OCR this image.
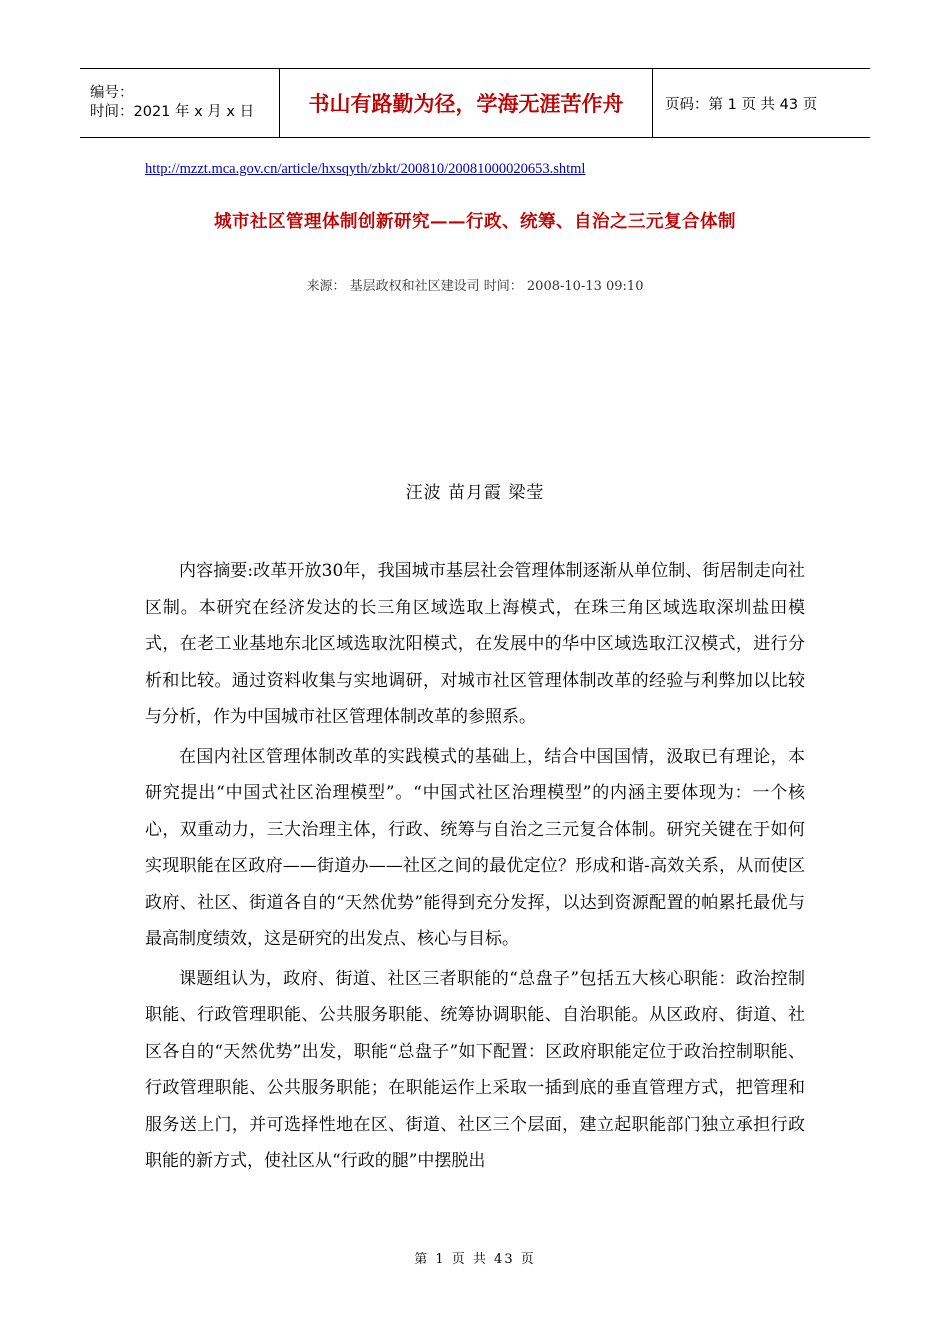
编号：
时间：2021 年 x 月 x 日	书山有路勤为径，学海无涯苦作舟	页码：第 1 页 共 43 页
http://mzzt.mca.gov.cn/article/hxsqyth/zbkt/200810/20081000020653.shtml
城市社区管理体制创新研究——行政、统筹、自治之三元复合体制
来源： 基层政权和社区建设司 时间： 2008-10-13 09:10
汪波 苗月霞 梁莹

内容摘要:改革开放30年，我国城市基层社会管理体制逐渐从单位制、街居制走向社区制。本研究在经济发达的长三角区域选取上海模式，在珠三角区域选取深圳盐田模式，在老工业基地东北区域选取沈阳模式，在发展中的华中区域选取江汉模式，进行分析和比较。通过资料收集与实地调研，对城市社区管理体制改革的经验与利弊加以比较与分析，作为中国城市社区管理体制改革的参照系。

在国内社区管理体制改革的实践模式的基础上，结合中国国情，汲取已有理论，本研究提出“中国式社区治理模型”。“中国式社区治理模型”的内涵主要体现为：一个核心，双重动力，三大治理主体，行政、统筹与自治之三元复合体制。研究关键在于如何实现职能在区政府——街道办——社区之间的最优定位？形成和谐-高效关系，从而使区政府、社区、街道各自的“天然优势”能得到充分发挥，以达到资源配置的帕累托最优与最高制度绩效，这是研究的出发点、核心与目标。

课题组认为，政府、街道、社区三者职能的“总盘子”包括五大核心职能：政治控制职能、行政管理职能、公共服务职能、统筹协调职能、自治职能。从区政府、街道、社区各自的“天然优势”出发，职能“总盘子”如下配置：区政府职能定位于政治控制职能、行政管理职能、公共服务职能；在职能运作上采取一插到底的垂直管理方式，把管理和服务送上门，并可选择性地在区、街道、社区三个层面，建立起职能部门独立承担行政职能的新方式，使社区从“行政的腿”中摆脱出

第 1 页 共 43 页
